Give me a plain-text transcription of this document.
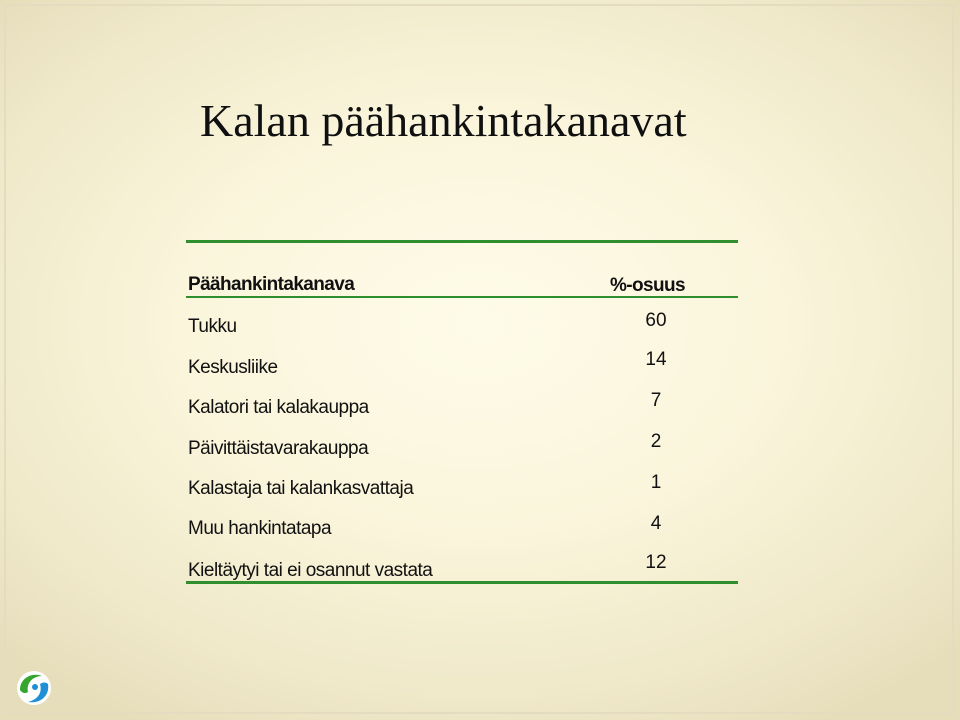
Kalan päähankintakanavat
Päähankintakanava	%-osuus
Tukku	60
Keskusliike	14
Kalatori tai kalakauppa	7
Päivittäistavarakauppa	2
Kalastaja tai kalankasvattaja	1
Muu hankintatapa	4
Kieltäytyi tai ei osannut vastata	12
